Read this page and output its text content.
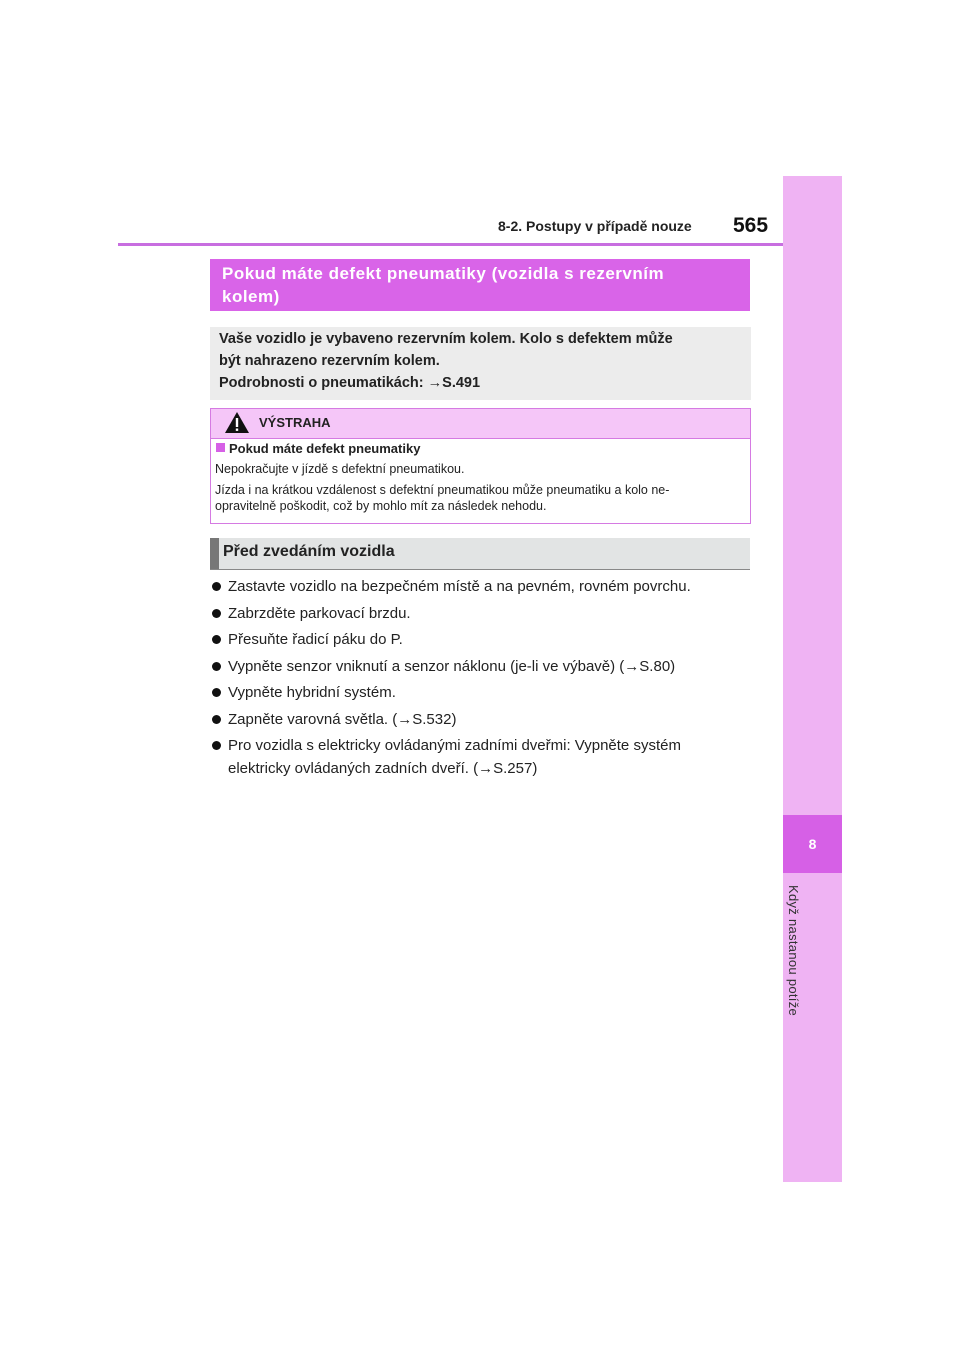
8-2. Postupy v případě nouze 565
8
Když nastanou potíže
Pokud máte defekt pneumatiky (vozidla s rezervním
kolem)
Vaše vozidlo je vybaveno rezervním kolem. Kolo s defektem může
být nahrazeno rezervním kolem.
Podrobnosti o pneumatikách: →S.491
VÝSTRAHA
Pokud máte defekt pneumatiky
Nepokračujte v jízdě s defektní pneumatikou.
Jízda i na krátkou vzdálenost s defektní pneumatikou může pneumatiku a kolo ne-
opravitelně poškodit, což by mohlo mít za následek nehodu.
Před zvedáním vozidla
Zastavte vozidlo na bezpečném místě a na pevném, rovném povrchu.
Zabrzděte parkovací brzdu.
Přesuňte řadicí páku do P.
Vypněte senzor vniknutí a senzor náklonu (je-li ve výbavě) (→S.80)
Vypněte hybridní systém.
Zapněte varovná světla. (→S.532)
Pro vozidla s elektricky ovládanými zadními dveřmi: Vypněte systém
elektricky ovládaných zadních dveří. (→S.257)
